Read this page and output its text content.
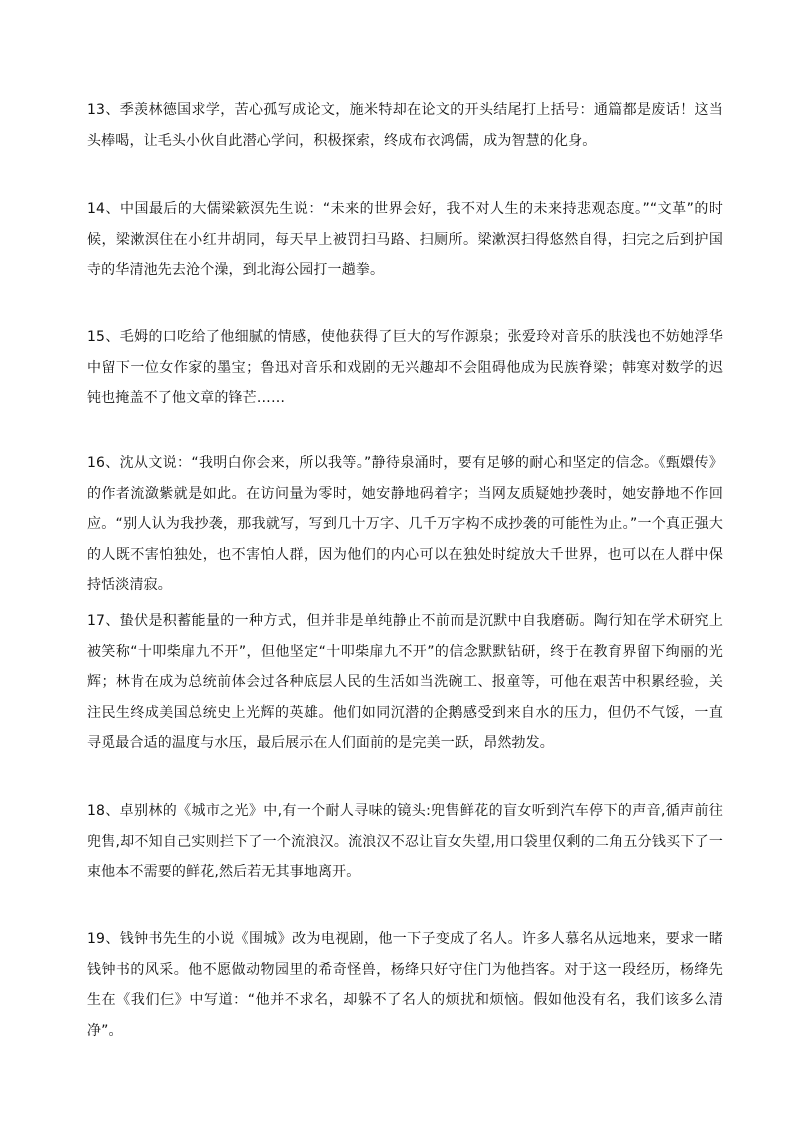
13、季羡林德国求学，苦心孤写成论文，施米特却在论文的开头结尾打上括号：通篇都是废话！这当头棒喝，让毛头小伙自此潜心学问，积极探索，终成布衣鸿儒，成为智慧的化身。

14、中国最后的大儒梁簌溟先生说：“未来的世界会好，我不对人生的未来持悲观态度。”“文革”的时候，梁漱溟住在小红井胡同，每天早上被罚扫马路、扫厕所。梁漱溟扫得悠然自得，扫完之后到护国寺的华清池先去沧个澡，到北海公园打一趟拳。

15、毛姆的口吃给了他细腻的情感，使他获得了巨大的写作源泉；张爱玲对音乐的肤浅也不妨她浮华中留下一位女作家的墨宝；鲁迅对音乐和戏剧的无兴趣却不会阻碍他成为民族脊梁；韩寒对数学的迟钝也掩盖不了他文章的锋芒……

16、沈从文说：“我明白你会来，所以我等。”静待泉涌时，要有足够的耐心和坚定的信念。《甄嬛传》的作者流潋紫就是如此。在访问量为零时，她安静地码着字；当网友质疑她抄袭时，她安静地不作回应。“别人认为我抄袭，那我就写，写到几十万字、几千万字构不成抄袭的可能性为止。”一个真正强大的人既不害怕独处，也不害怕人群，因为他们的内心可以在独处时绽放大千世界，也可以在人群中保持恬淡清寂。

17、蛰伏是积蓄能量的一种方式，但并非是单纯静止不前而是沉默中自我磨砺。陶行知在学术研究上被笑称“十叩柴扉九不开”，但他坚定“十叩柴扉九不开”的信念默默钻研，终于在教育界留下绚丽的光辉；林肯在成为总统前体会过各种底层人民的生活如当洗碗工、报童等，可他在艰苦中积累经验，关注民生终成美国总统史上光辉的英雄。他们如同沉潜的企鹅感受到来自水的压力，但仍不气馁，一直寻觅最合适的温度与水压，最后展示在人们面前的是完美一跃，昂然勃发。

18、卓别林的《城市之光》中,有一个耐人寻味的镜头:兜售鲜花的盲女听到汽车停下的声音,循声前往兜售,却不知自己实则拦下了一个流浪汉。流浪汉不忍让盲女失望,用口袋里仅剩的二角五分钱买下了一束他本不需要的鲜花,然后若无其事地离开。

19、钱钟书先生的小说《围城》改为电视剧，他一下子变成了名人。许多人慕名从远地来，要求一睹钱钟书的风采。他不愿做动物园里的希奇怪兽，杨绛只好守住门为他挡客。对于这一段经历，杨绛先生在《我们仨》中写道：“他并不求名，却躲不了名人的烦扰和烦恼。假如他没有名，我们该多么清净”。
